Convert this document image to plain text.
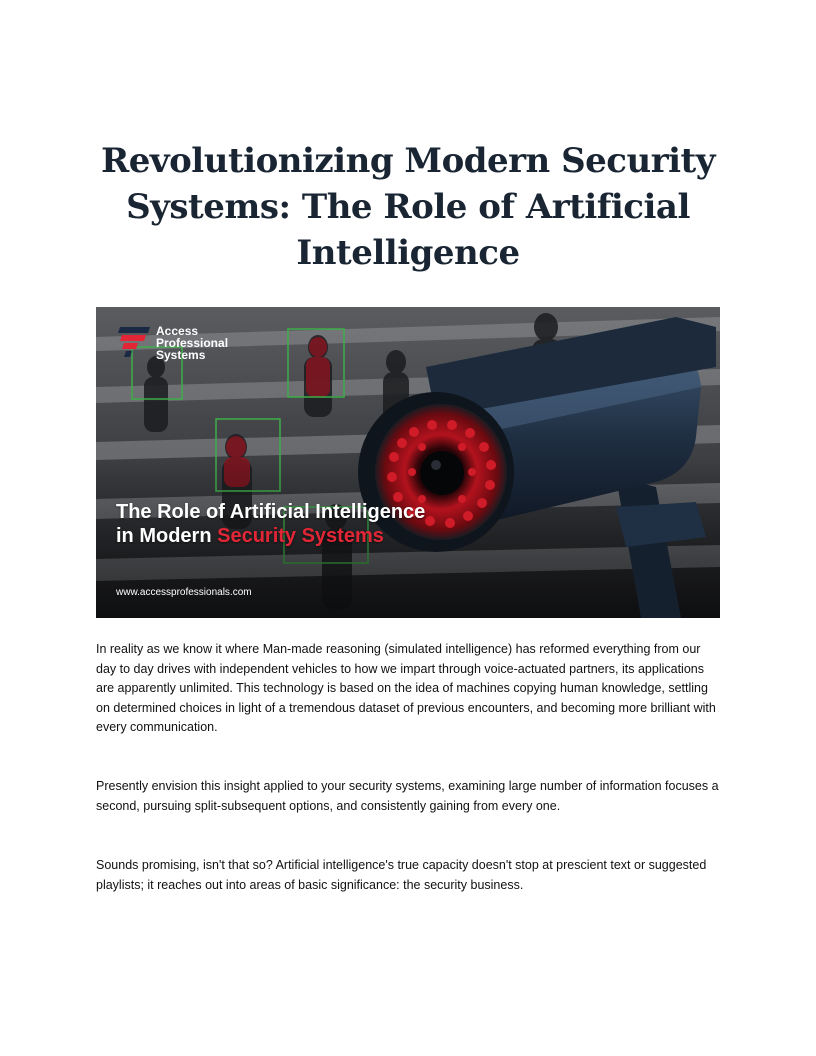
Revolutionizing Modern Security Systems: The Role of Artificial Intelligence
Access
Professional
Systems
The Role of Artificial Intelligence
in Modern Security Systems
www.accessprofessionals.com

In reality as we know it where Man-made reasoning (simulated intelligence) has reformed everything from our day to day drives with independent vehicles to how we impart through voice-actuated partners, its applications are apparently unlimited. This technology is based on the idea of machines copying human knowledge, settling on determined choices in light of a tremendous dataset of previous encounters, and becoming more brilliant with every communication.

Presently envision this insight applied to your security systems, examining large number of information focuses a second, pursuing split-subsequent options, and consistently gaining from every one.

Sounds promising, isn't that so? Artificial intelligence's true capacity doesn't stop at prescient text or suggested playlists; it reaches out into areas of basic significance: the security business.
